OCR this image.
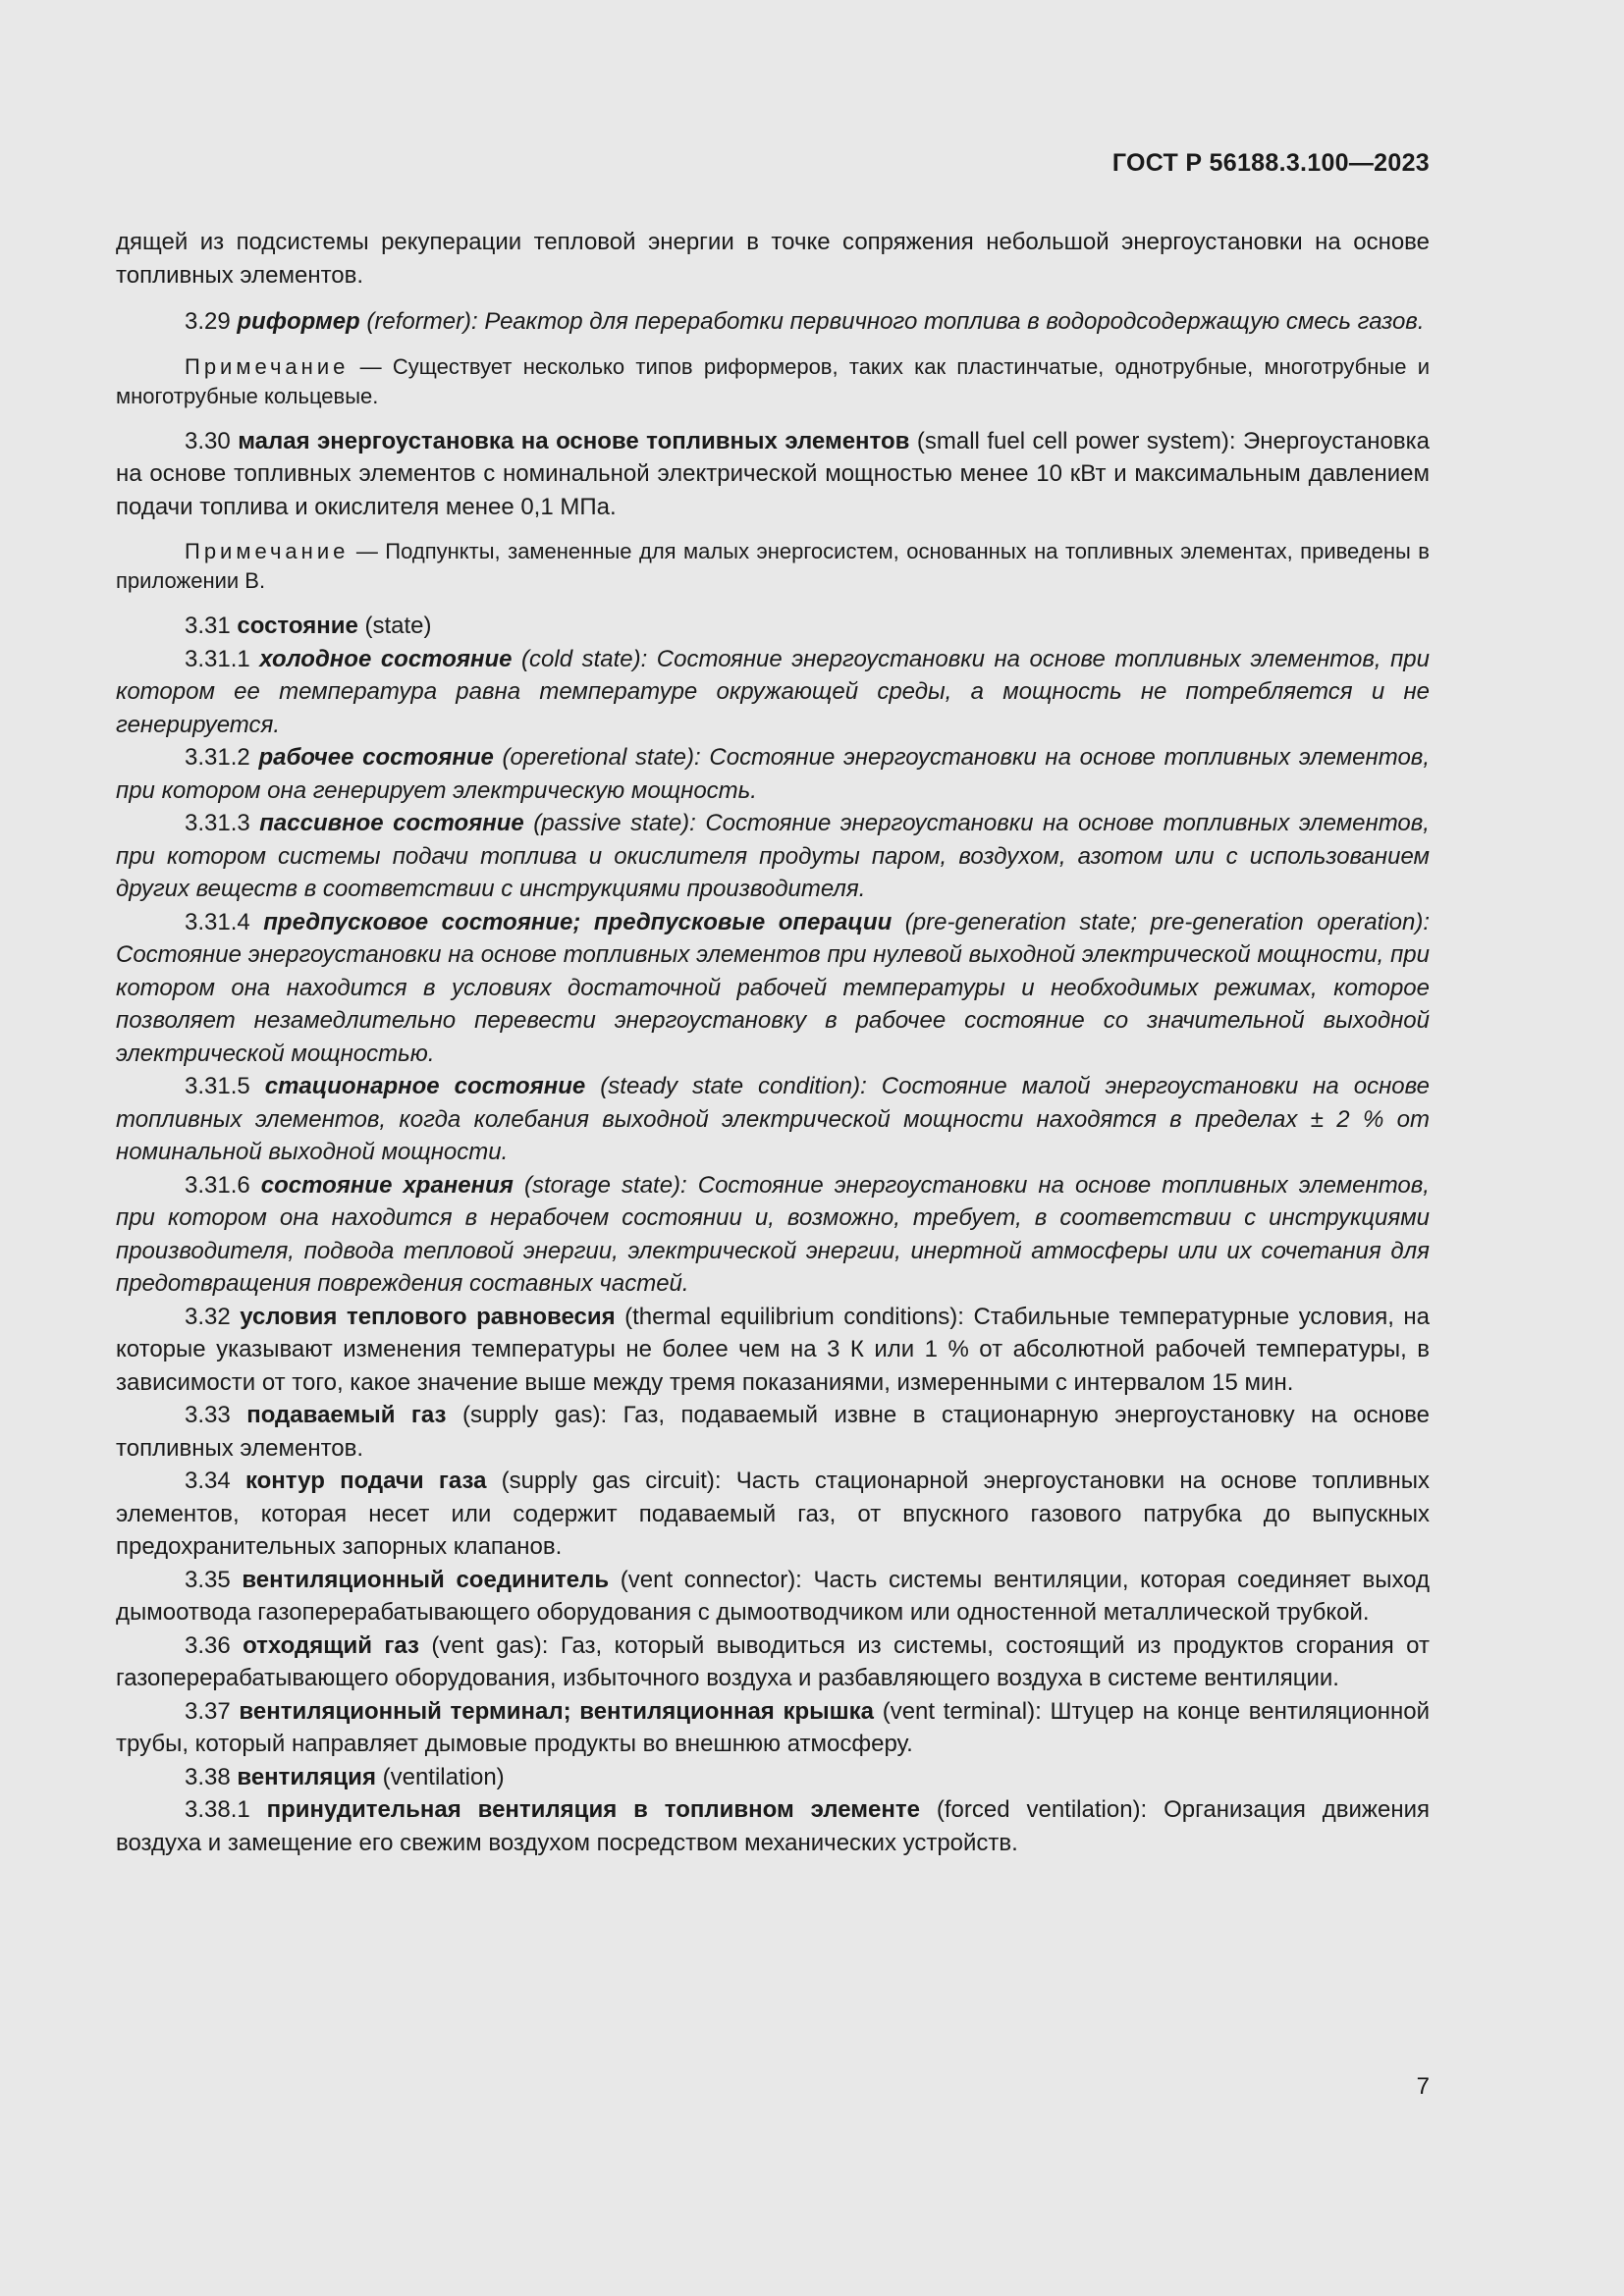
ГОСТ Р 56188.3.100—2023

дящей из подсистемы рекуперации тепловой энергии в точке сопряжения небольшой энергоустановки на основе топливных элементов.

3.29 риформер (reformer): Реактор для переработки первичного топлива в водородсодержащую смесь газов.

Примечание — Существует несколько типов риформеров, таких как пластинчатые, однотрубные, многотрубные и многотрубные кольцевые.

3.30 малая энергоустановка на основе топливных элементов (small fuel cell power system): Энергоустановка на основе топливных элементов с номинальной электрической мощностью менее 10 кВт и максимальным давлением подачи топлива и окислителя менее 0,1 МПа.

Примечание — Подпункты, замененные для малых энергосистем, основанных на топливных элементах, приведены в приложении В.

3.31 состояние (state)

3.31.1 холодное состояние (cold state): Состояние энергоустановки на основе топливных элементов, при котором ее температура равна температуре окружающей среды, а мощность не потребляется и не генерируется.

3.31.2 рабочее состояние (operetional state): Состояние энергоустановки на основе топливных элементов, при котором она генерирует электрическую мощность.

3.31.3 пассивное состояние (passive state): Состояние энергоустановки на основе топливных элементов, при котором системы подачи топлива и окислителя продуты паром, воздухом, азотом или с использованием других веществ в соответствии с инструкциями производителя.

3.31.4 предпусковое состояние; предпусковые операции (pre-generation state; pre-generation operation): Состояние энергоустановки на основе топливных элементов при нулевой выходной электрической мощности, при котором она находится в условиях достаточной рабочей температуры и необходимых режимах, которое позволяет незамедлительно перевести энергоустановку в рабочее состояние со значительной выходной электрической мощностью.

3.31.5 стационарное состояние (steady state condition): Состояние малой энергоустановки на основе топливных элементов, когда колебания выходной электрической мощности находятся в пределах ± 2 % от номинальной выходной мощности.

3.31.6 состояние хранения (storage state): Состояние энергоустановки на основе топливных элементов, при котором она находится в нерабочем состоянии и, возможно, требует, в соответствии с инструкциями производителя, подвода тепловой энергии, электрической энергии, инертной атмосферы или их сочетания для предотвращения повреждения составных частей.

3.32 условия теплового равновесия (thermal equilibrium conditions): Стабильные температурные условия, на которые указывают изменения температуры не более чем на 3 К или 1 % от абсолютной рабочей температуры, в зависимости от того, какое значение выше между тремя показаниями, измеренными с интервалом 15 мин.

3.33 подаваемый газ (supply gas): Газ, подаваемый извне в стационарную энергоустановку на основе топливных элементов.

3.34 контур подачи газа (supply gas circuit): Часть стационарной энергоустановки на основе топливных элементов, которая несет или содержит подаваемый газ, от впускного газового патрубка до выпускных предохранительных запорных клапанов.

3.35 вентиляционный соединитель (vent connector): Часть системы вентиляции, которая соединяет выход дымоотвода газоперерабатывающего оборудования с дымоотводчиком или одностенной металлической трубкой.

3.36 отходящий газ (vent gas): Газ, который выводиться из системы, состоящий из продуктов сгорания от газоперерабатывающего оборудования, избыточного воздуха и разбавляющего воздуха в системе вентиляции.

3.37 вентиляционный терминал; вентиляционная крышка (vent terminal): Штуцер на конце вентиляционной трубы, который направляет дымовые продукты во внешнюю атмосферу.

3.38 вентиляция (ventilation)

3.38.1 принудительная вентиляция в топливном элементе (forced ventilation): Организация движения воздуха и замещение его свежим воздухом посредством механических устройств.

7
